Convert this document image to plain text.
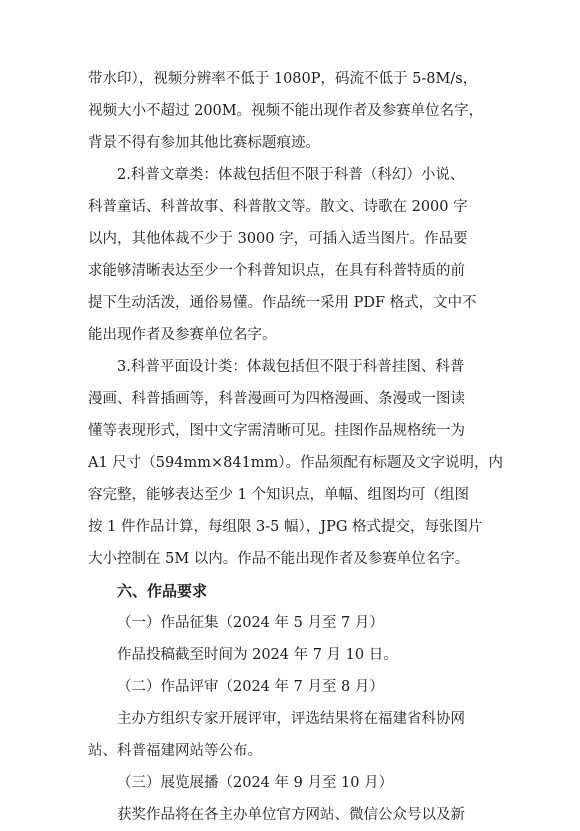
带水印），视频分辨率不低于 1080P，码流不低于 5-8M/s，
视频大小不超过 200M。视频不能出现作者及参赛单位名字，
背景不得有参加其他比赛标题痕迹。
2.科普文章类：体裁包括但不限于科普（科幻）小说、
科普童话、科普故事、科普散文等。散文、诗歌在 2000 字
以内，其他体裁不少于 3000 字，可插入适当图片。作品要
求能够清晰表达至少一个科普知识点，在具有科普特质的前
提下生动活泼，通俗易懂。作品统一采用 PDF 格式，文中不
能出现作者及参赛单位名字。
3.科普平面设计类：体裁包括但不限于科普挂图、科普
漫画、科普插画等，科普漫画可为四格漫画、条漫或一图读
懂等表现形式，图中文字需清晰可见。挂图作品规格统一为
A1 尺寸（594mm×841mm）。作品须配有标题及文字说明，内
容完整，能够表达至少 1 个知识点，单幅、组图均可（组图
按 1 件作品计算，每组限 3-5 幅），JPG 格式提交，每张图片
大小控制在 5M 以内。作品不能出现作者及参赛单位名字。
六、作品要求
（一）作品征集（2024 年 5 月至 7 月）
作品投稿截至时间为 2024 年 7 月 10 日。
（二）作品评审（2024 年 7 月至 8 月）
主办方组织专家开展评审，评选结果将在福建省科协网
站、科普福建网站等公布。
（三）展览展播（2024 年 9 月至 10 月）
获奖作品将在各主办单位官方网站、微信公众号以及新
